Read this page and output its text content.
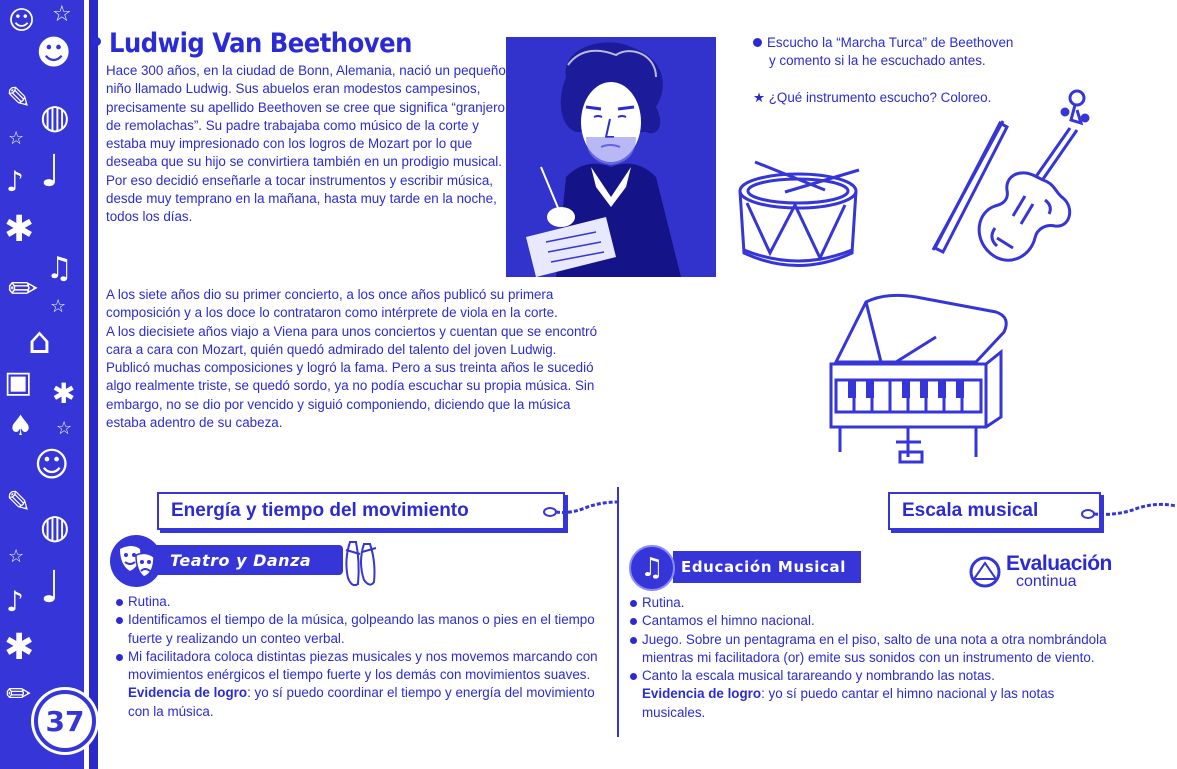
☺ ☆
☻
✎ ◍
☆
♩
♪
✱
♫
✏ ☆
⌂
▣ ✱
♠ ☆
☺
✎
◍
☆
♩
♪
✱
✏
37
Ludwig Van Beethoven

Hace 300 años, en la ciudad de Bonn, Alemania, nació un pequeño niño llamado Ludwig. Sus abuelos eran modestos campesinos, precisamente su apellido Beethoven se cree que significa “granjero de remolachas”. Su padre trabajaba como músico de la corte y estaba muy impresionado con los logros de Mozart por lo que deseaba que su hijo se convirtiera también en un prodigio musical.

Por eso decidió enseñarle a tocar instrumentos y escribir música, desde muy temprano en la mañana, hasta muy tarde en la noche, todos los días.

A los siete años dio su primer concierto, a los once años publicó su primera composición y a los doce lo contrataron como intérprete de viola en la corte.

A los diecisiete años viajo a Viena para unos conciertos y cuentan que se encontró cara a cara con Mozart, quién quedó admirado del talento del joven Ludwig.

Publicó muchas composiciones y logró la fama. Pero a sus treinta años le sucedió algo realmente triste, se quedó sordo, ya no podía escuchar su propia música. Sin embargo, no se dio por vencido y siguió componiendo, diciendo que la música estaba adentro de su cabeza.

Escucho la “Marcha Turca” de Beethoven
y comento si la he escuchado antes.
★ ¿Qué instrumento escucho? Coloreo.
Energía y tiempo del movimiento	Escala musical
Teatro y Danza
Rutina.
Identificamos el tiempo de la música, golpeando las manos o pies en el tiempo fuerte y realizando un conteo verbal.
Mi facilitadora coloca distintas piezas musicales y nos movemos marcando con movimientos enérgicos el tiempo fuerte y los demás con movimientos suaves.
Evidencia de logro: yo sí puedo coordinar el tiempo y energía del movimiento con la música.
Educación Musical
♫	Evaluación
continua
Rutina.
Cantamos el himno nacional.
Juego. Sobre un pentagrama en el piso, salto de una nota a otra nombrándola mientras mi facilitadora (or) emite sus sonidos con un instrumento de viento.
Canto la escala musical tarareando y nombrando las notas.
Evidencia de logro: yo sí puedo cantar el himno nacional y las notas musicales.
